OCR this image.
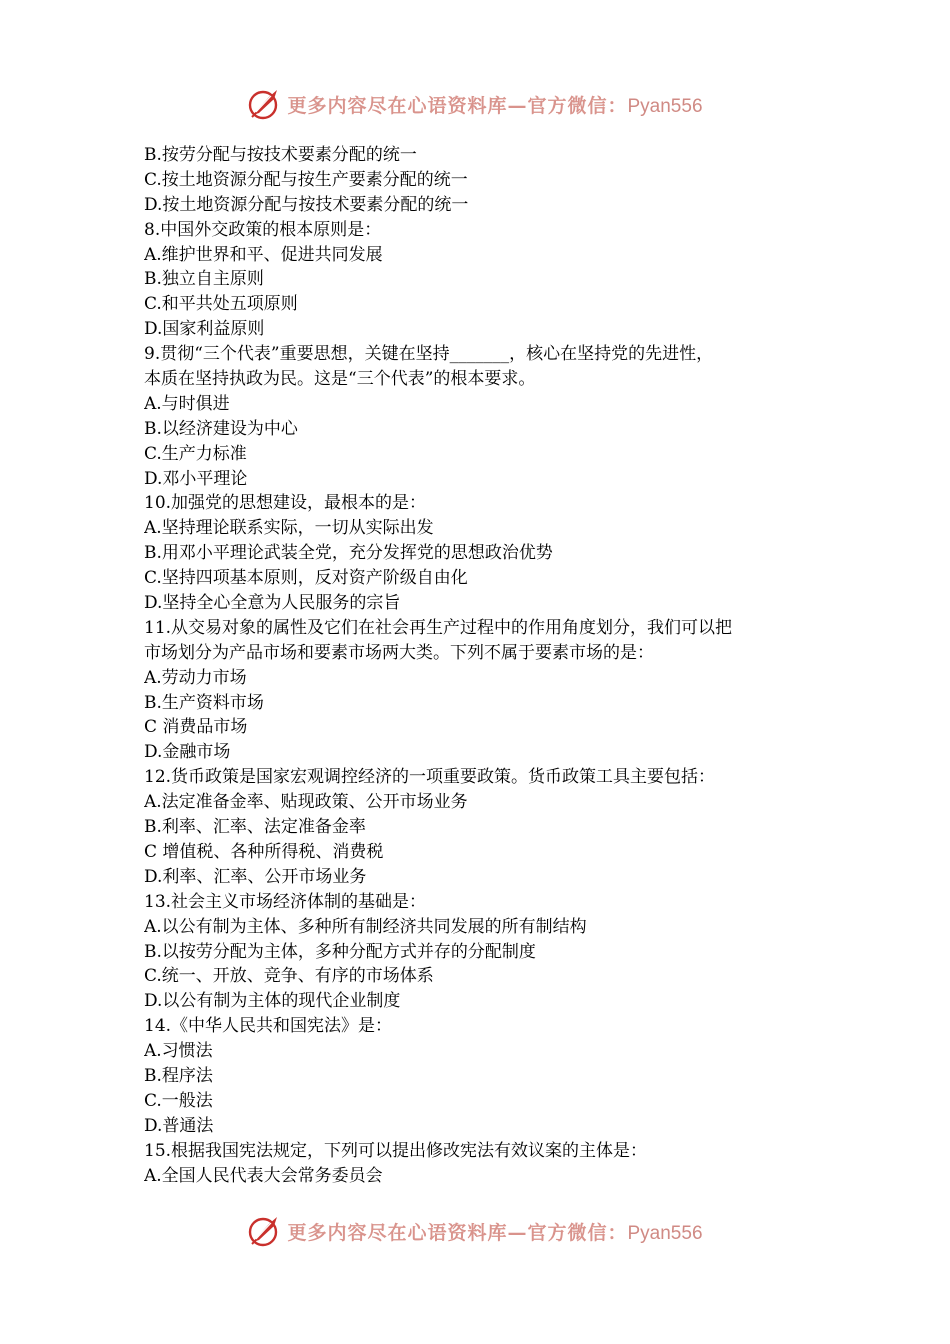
更多内容尽在心语资料库—官方微信：Pyan556
B.按劳分配与按技术要素分配的统一
C.按土地资源分配与按生产要素分配的统一
D.按土地资源分配与按技术要素分配的统一
8.中国外交政策的根本原则是：
A.维护世界和平、促进共同发展
B.独立自主原则
C.和平共处五项原则
D.国家利益原则
9.贯彻“三个代表”重要思想，关键在坚持_______，核心在坚持党的先进性，
本质在坚持执政为民。这是“三个代表”的根本要求。
A.与时俱进
B.以经济建设为中心
C.生产力标准
D.邓小平理论
10.加强党的思想建设，最根本的是：
A.坚持理论联系实际，一切从实际出发
B.用邓小平理论武装全党，充分发挥党的思想政治优势
C.坚持四项基本原则，反对资产阶级自由化
D.坚持全心全意为人民服务的宗旨
11.从交易对象的属性及它们在社会再生产过程中的作用角度划分，我们可以把
市场划分为产品市场和要素市场两大类。下列不属于要素市场的是：
A.劳动力市场
B.生产资料市场
C 消费品市场
D.金融市场
12.货币政策是国家宏观调控经济的一项重要政策。货币政策工具主要包括：
A.法定准备金率、贴现政策、公开市场业务
B.利率、汇率、法定准备金率
C 增值税、各种所得税、消费税
D.利率、汇率、公开市场业务
13.社会主义市场经济体制的基础是：
A.以公有制为主体、多种所有制经济共同发展的所有制结构
B.以按劳分配为主体，多种分配方式并存的分配制度
C.统一、开放、竞争、有序的市场体系
D.以公有制为主体的现代企业制度
14.《中华人民共和国宪法》是：
A.习惯法
B.程序法
C.一般法
D.普通法
15.根据我国宪法规定，下列可以提出修改宪法有效议案的主体是：
A.全国人民代表大会常务委员会
更多内容尽在心语资料库—官方微信：Pyan556
